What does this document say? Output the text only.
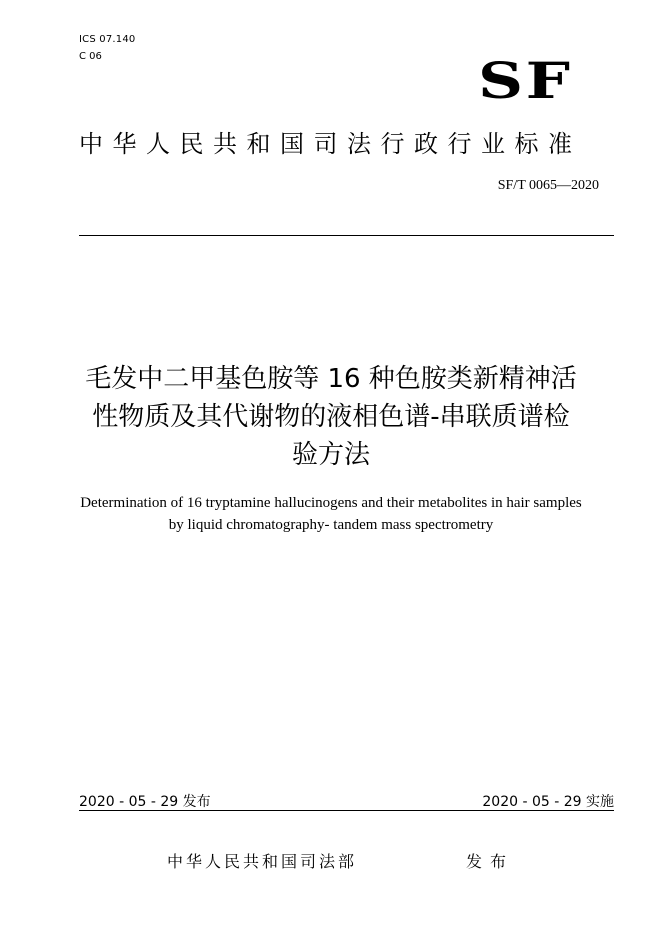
ICS 07.140
C 06	SF
中华人民共和国司法行政行业标准
SF/T 0065—2020
毛发中二甲基色胺等 16 种色胺类新精神活
性物质及其代谢物的液相色谱-串联质谱检
验方法
Determination of 16 tryptamine hallucinogens and their metabolites in hair samples
by liquid chromatography- tandem mass spectrometry
2020 - 05 - 29 发布	2020 - 05 - 29 实施
中华人民共和国司法部	发布
